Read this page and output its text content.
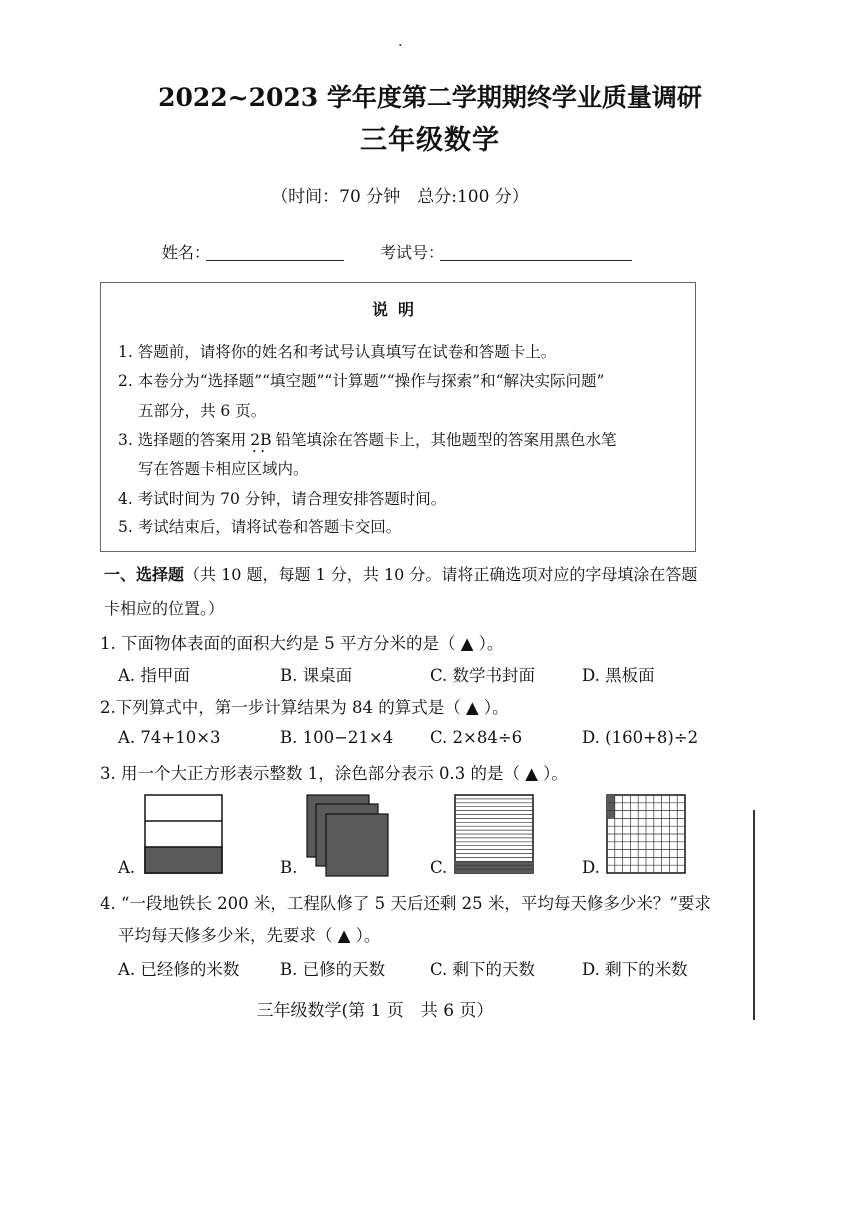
·
2022~2023 学年度第二学期期终学业质量调研
三年级数学
（时间：70 分钟　总分:100 分）
姓名：	考试号：
说明
1. 答题前，请将你的姓名和考试号认真填写在试卷和答题卡上。
2. 本卷分为“选择题”“填空题”“计算题”“操作与探索”和“解决实际问题”
五部分，共 6 页。
3. 选择题的答案用 2B • • 铅笔填涂在答题卡上，其他题型的答案用黑色水笔
写在答题卡相应区域内。
4. 考试时间为 70 分钟，请合理安排答题时间。
5. 考试结束后，请将试卷和答题卡交回。
一、选择题（共 10 题，每题 1 分，共 10 分。请将正确选项对应的字母填涂在答题
卡相应的位置。）
1. 下面物体表面的面积大约是 5 平方分米的是（ ▲ ）。
A. 指甲面	B. 课桌面	C. 数学书封面	D. 黑板面
2.下列算式中，第一步计算结果为 84 的算式是（ ▲ ）。
A. 74+10×3	B. 100−21×4 C. 2×84÷6	D. (160+8)÷2
3. 用一个大正方形表示整数 1，涂色部分表示 0.3 的是（ ▲ ）。
A.	B.	C.	D.
4. “一段地铁长 200 米，工程队修了 5 天后还剩 25 米，平均每天修多少米？”要求
平均每天修多少米，先要求（ ▲ ）。
A. 已经修的米数 B. 已修的天数	C. 剩下的天数	D. 剩下的米数
三年级数学(第 1 页　共 6 页）
